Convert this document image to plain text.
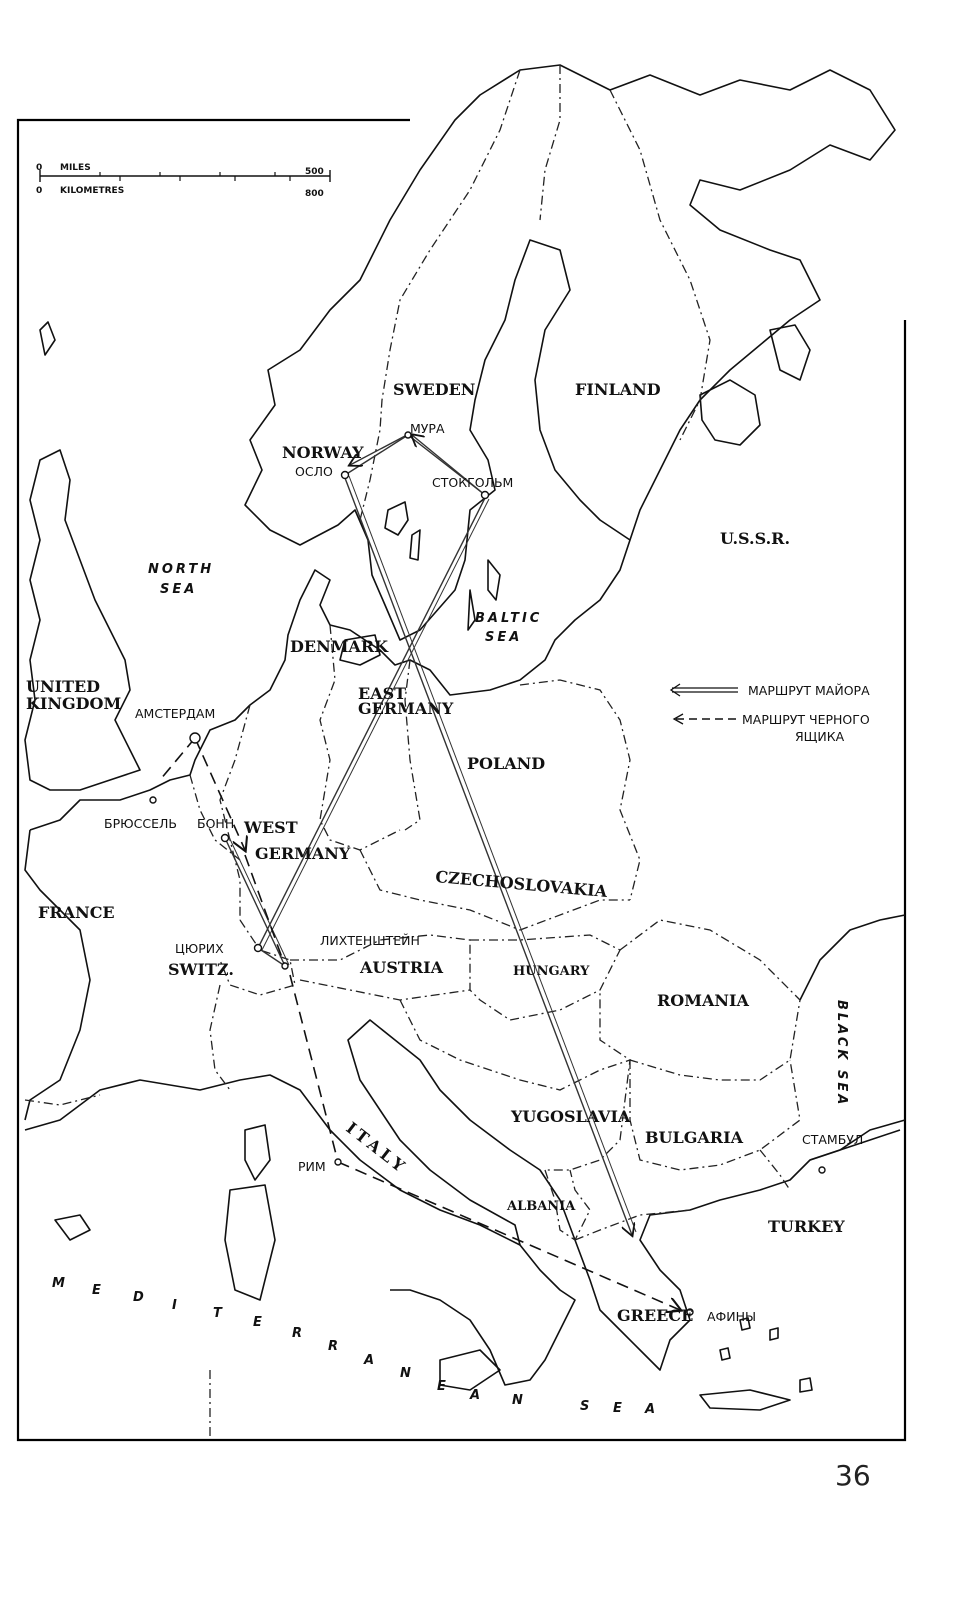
0 MILES	500
0 KILOMETRES	800
NORWAY
SWEDEN	FINLAND
U.S.S.R.
DENMARK
EAST
GERMANY
UNITED
KINGDOM
POLAND
WEST
GERMANY
CZECHOSLOVAKIA
FRANCE
SWITZ.	AUSTRIA	HUNGARY
ROMANIA
YUGOSLAVIA
BULGARIA
ITALY
ALBANIA
TURKEY
GREECE
NORTH
SEA
BALTIC
SEA
BLACK SEA
M E D
I
T
E
R
R
A
N
E
A N	S E A
МУРА
ОСЛО
СТОКГОЛЬМ
АМСТЕРДАМ
БРЮССЕЛЬ БОНН
ЦЮРИХ
ЛИХТЕНШТЕЙН
РИМ
АФИНЫ
СТАМБУЛ
МАРШРУТ МАЙОРА
МАРШРУТ ЧЕРНОГО
ЯЩИКА
36
